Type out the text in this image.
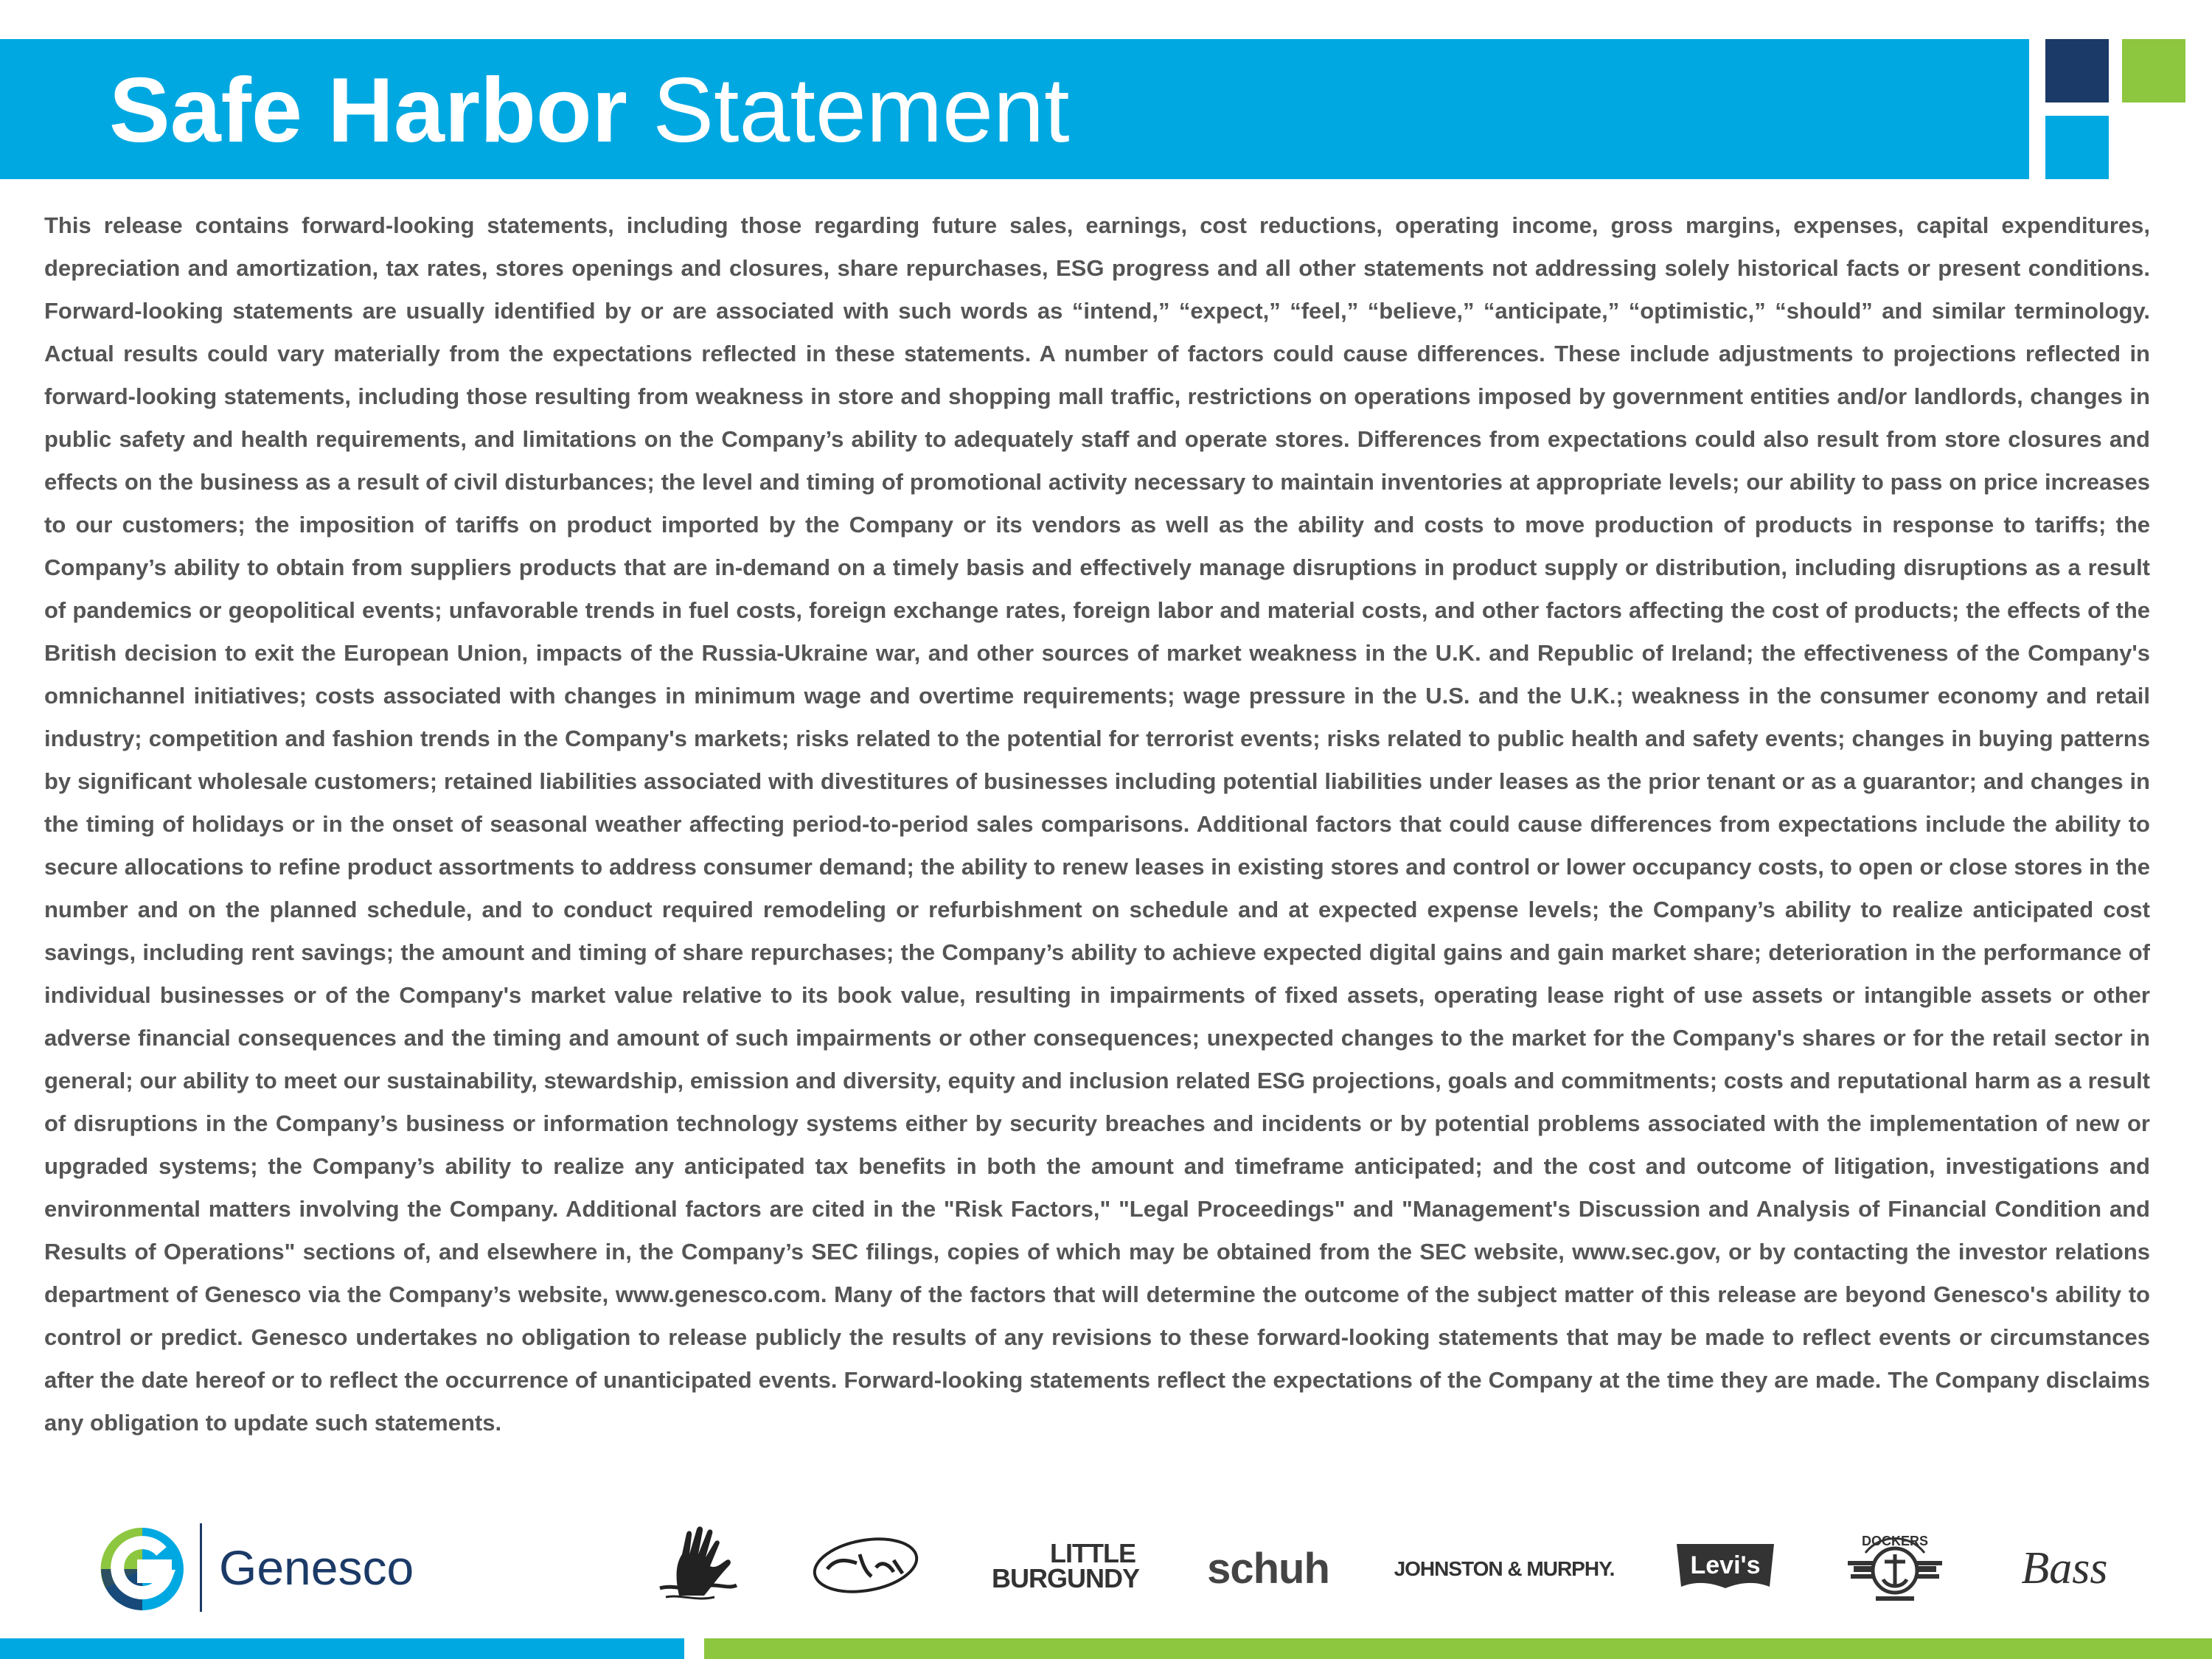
Safe Harbor Statement

This release contains forward-looking statements, including those regarding future sales, earnings, cost reductions, operating income, gross margins, expenses, capital expenditures, depreciation and amortization, tax rates, stores openings and closures, share repurchases, ESG progress and all other statements not addressing solely historical facts or present conditions. Forward-looking statements are usually identified by or are associated with such words as “intend,” “expect,” “feel,” “believe,” “anticipate,” “optimistic,” “should” and similar terminology. Actual results could vary materially from the expectations reflected in these statements. A number of factors could cause differences. These include adjustments to projections reflected in forward-looking statements, including those resulting from weakness in store and shopping mall traffic, restrictions on operations imposed by government entities and/or landlords, changes in public safety and health requirements, and limitations on the Company’s ability to adequately staff and operate stores. Differences from expectations could also result from store closures and effects on the business as a result of civil disturbances; the level and timing of promotional activity necessary to maintain inventories at appropriate levels; our ability to pass on price increases to our customers; the imposition of tariffs on product imported by the Company or its vendors as well as the ability and costs to move production of products in response to tariffs; the Company’s ability to obtain from suppliers products that are in-demand on a timely basis and effectively manage disruptions in product supply or distribution, including disruptions as a result of pandemics or geopolitical events; unfavorable trends in fuel costs, foreign exchange rates, foreign labor and material costs, and other factors affecting the cost of products; the effects of the British decision to exit the European Union, impacts of the Russia-Ukraine war, and other sources of market weakness in the U.K. and Republic of Ireland; the effectiveness of the Company's omnichannel initiatives; costs associated with changes in minimum wage and overtime requirements; wage pressure in the U.S. and the U.K.; weakness in the consumer economy and retail industry; competition and fashion trends in the Company's markets; risks related to the potential for terrorist events; risks related to public health and safety events; changes in buying patterns by significant wholesale customers; retained liabilities associated with divestitures of businesses including potential liabilities under leases as the prior tenant or as a guarantor; and changes in the timing of holidays or in the onset of seasonal weather affecting period-to-period sales comparisons. Additional factors that could cause differences from expectations include the ability to secure allocations to refine product assortments to address consumer demand; the ability to renew leases in existing stores and control or lower occupancy costs, to open or close stores in the number and on the planned schedule, and to conduct required remodeling or refurbishment on schedule and at expected expense levels; the Company’s ability to realize anticipated cost savings, including rent savings; the amount and timing of share repurchases; the Company’s ability to achieve expected digital gains and gain market share; deterioration in the performance of individual businesses or of the Company's market value relative to its book value, resulting in impairments of fixed assets, operating lease right of use assets or intangible assets or other adverse financial consequences and the timing and amount of such impairments or other consequences; unexpected changes to the market for the Company's shares or for the retail sector in general; our ability to meet our sustainability, stewardship, emission and diversity, equity and inclusion related ESG projections, goals and commitments; costs and reputational harm as a result of disruptions in the Company’s business or information technology systems either by security breaches and incidents or by potential problems associated with the implementation of new or upgraded systems; the Company’s ability to realize any anticipated tax benefits in both the amount and timeframe anticipated; and the cost and outcome of litigation, investigations and environmental matters involving the Company. Additional factors are cited in the "Risk Factors," "Legal Proceedings" and "Management's Discussion and Analysis of Financial Condition and Results of Operations" sections of, and elsewhere in, the Company’s SEC filings, copies of which may be obtained from the SEC website, www.sec.gov, or by contacting the investor relations department of Genesco via the Company’s website, www.genesco.com. Many of the factors that will determine the outcome of the subject matter of this release are beyond Genesco's ability to control or predict. Genesco undertakes no obligation to release publicly the results of any revisions to these forward-looking statements that may be made to reflect events or circumstances after the date hereof or to reflect the occurrence of unanticipated events. Forward-looking statements reflect the expectations of the Company at the time they are made. The Company disclaims any obligation to update such statements.

Genesco	LITTLE
BURGUNDY schuh	JOHNSTON & MURPHY.	Levi's
DOCKERS
Bass
